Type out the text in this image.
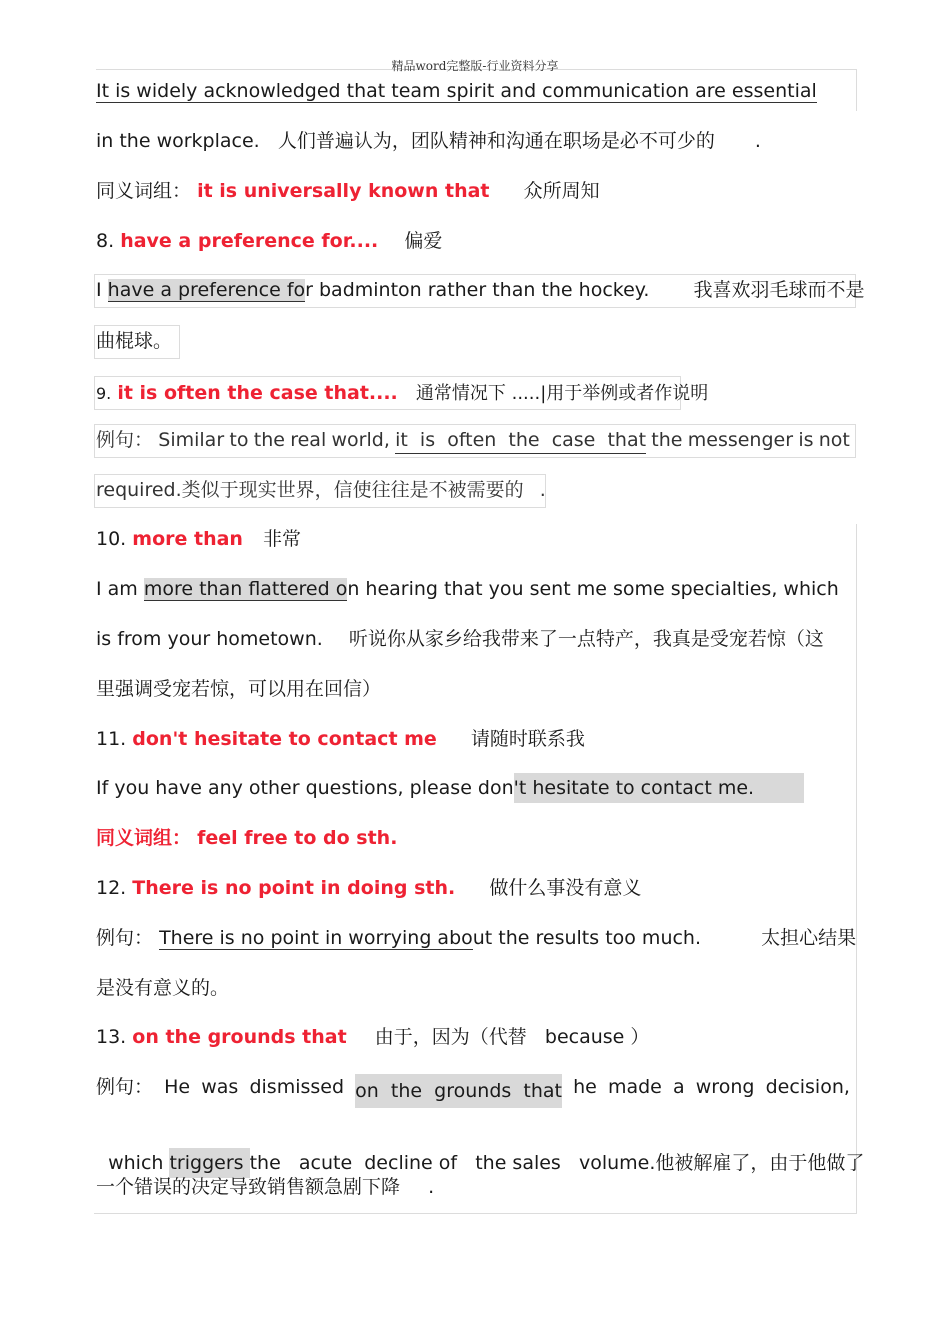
精品word完整版-行业资料分享
It is widely acknowledged that team spirit and communication are essential
in the workplace. 人们普遍认为，团队精神和沟通在职场是必不可少的 .
同义词组： it is universally known that 众所周知
8. have a preference for.... 偏爱
I have a preference for badminton rather than the hockey. 我喜欢羽毛球而不是
曲棍球。
9. it is often the case that.... 通常情况下 .....|用于举例或者作说明
例句： Similar to the real world, it  is  often  the  case  that the messenger is not
required.类似于现实世界，信使往往是不被需要的 .
10. more than 非常
I am more than flattered on hearing that you sent me some specialties, which
is from your hometown. 听说你从家乡给我带来了一点特产，我真是受宠若惊（这
里强调受宠若惊，可以用在回信）
11. don't hesitate to contact me 请随时联系我
If you have any other questions, please don't hesitate to contact me.
同义词组： feel free to do sth.
12. There is no point in doing sth. 做什么事没有意义
例句： There is no point in worrying about the results too much.	太担心结果
是没有意义的。
13. on the grounds that 由于，因为（代替 because ）
例句： He was dismissed on  the  grounds  that he made a wrong decision,

which triggers the   acute  decline of   the sales   volume.他被解雇了，由于他做了

一个错误的决定导致销售额急剧下降 .
